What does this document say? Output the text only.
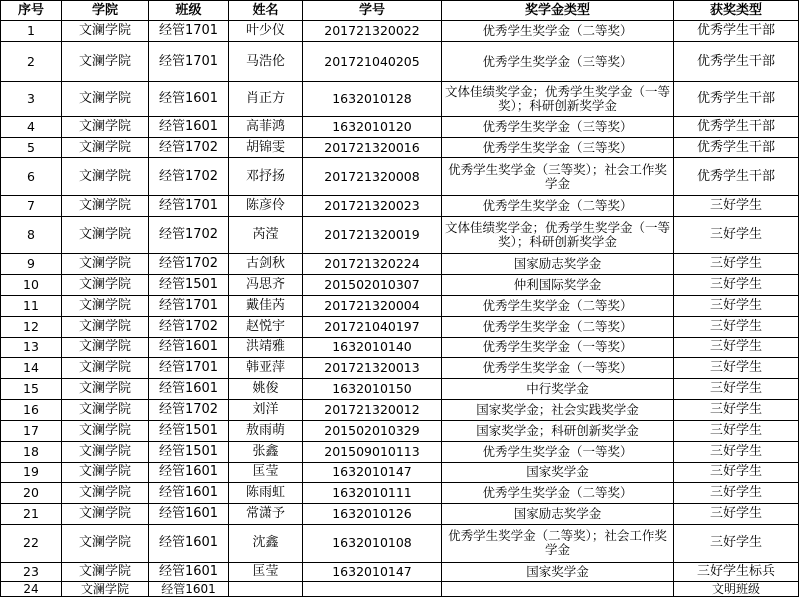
序号	学院	班级	姓名	学号	奖学金类型	获奖类型
1	文澜学院	经管1701	叶少仪	201721320022	优秀学生奖学金（二等奖）	优秀学生干部
2	文澜学院	经管1701	马浩伦	201721040205	优秀学生奖学金（三等奖）	优秀学生干部
3	文澜学院	经管1601	肖正方	1632010128	文体佳绩奖学金；优秀学生奖学金（一等奖）；科研创新奖学金	优秀学生干部
4	文澜学院	经管1601	高菲鸿	1632010120	优秀学生奖学金（三等奖）	优秀学生干部
5	文澜学院	经管1702	胡锦雯	201721320016	优秀学生奖学金（三等奖）	优秀学生干部
6	文澜学院	经管1702	邓抒扬	201721320008	优秀学生奖学金（三等奖）；社会工作奖学金	优秀学生干部
7	文澜学院	经管1701	陈彦伶	201721320023	优秀学生奖学金（二等奖）	三好学生
8	文澜学院	经管1702	芮滢	201721320019	文体佳绩奖学金；优秀学生奖学金（一等奖）；科研创新奖学金	三好学生
9	文澜学院	经管1702	古剑秋	201721320224	国家励志奖学金	三好学生
10	文澜学院	经管1501	冯思齐	201502010307	仲利国际奖学金	三好学生
11	文澜学院	经管1701	戴佳芮	201721320004	优秀学生奖学金（二等奖）	三好学生
12	文澜学院	经管1702	赵悦宇	201721040197	优秀学生奖学金（二等奖）	三好学生
13	文澜学院	经管1601	洪靖雅	1632010140	优秀学生奖学金（一等奖）	三好学生
14	文澜学院	经管1701	韩亚萍	201721320013	优秀学生奖学金（一等奖）	三好学生
15	文澜学院	经管1601	姚俊	1632010150	中行奖学金	三好学生
16	文澜学院	经管1702	刘洋	201721320012	国家奖学金；社会实践奖学金	三好学生
17	文澜学院	经管1501	敖雨萌	201502010329	国家奖学金；科研创新奖学金	三好学生
18	文澜学院	经管1501	张鑫	201509010113	优秀学生奖学金（一等奖）	三好学生
19	文澜学院	经管1601	匡莹	1632010147	国家奖学金	三好学生
20	文澜学院	经管1601	陈雨虹	1632010111	优秀学生奖学金（二等奖）	三好学生
21	文澜学院	经管1601	常潇予	1632010126	国家励志奖学金	三好学生
22	文澜学院	经管1601	沈鑫	1632010108	优秀学生奖学金（二等奖）；社会工作奖学金	三好学生
23	文澜学院	经管1601	匡莹	1632010147	国家奖学金	三好学生标兵
24	文澜学院	经管1601				文明班级
